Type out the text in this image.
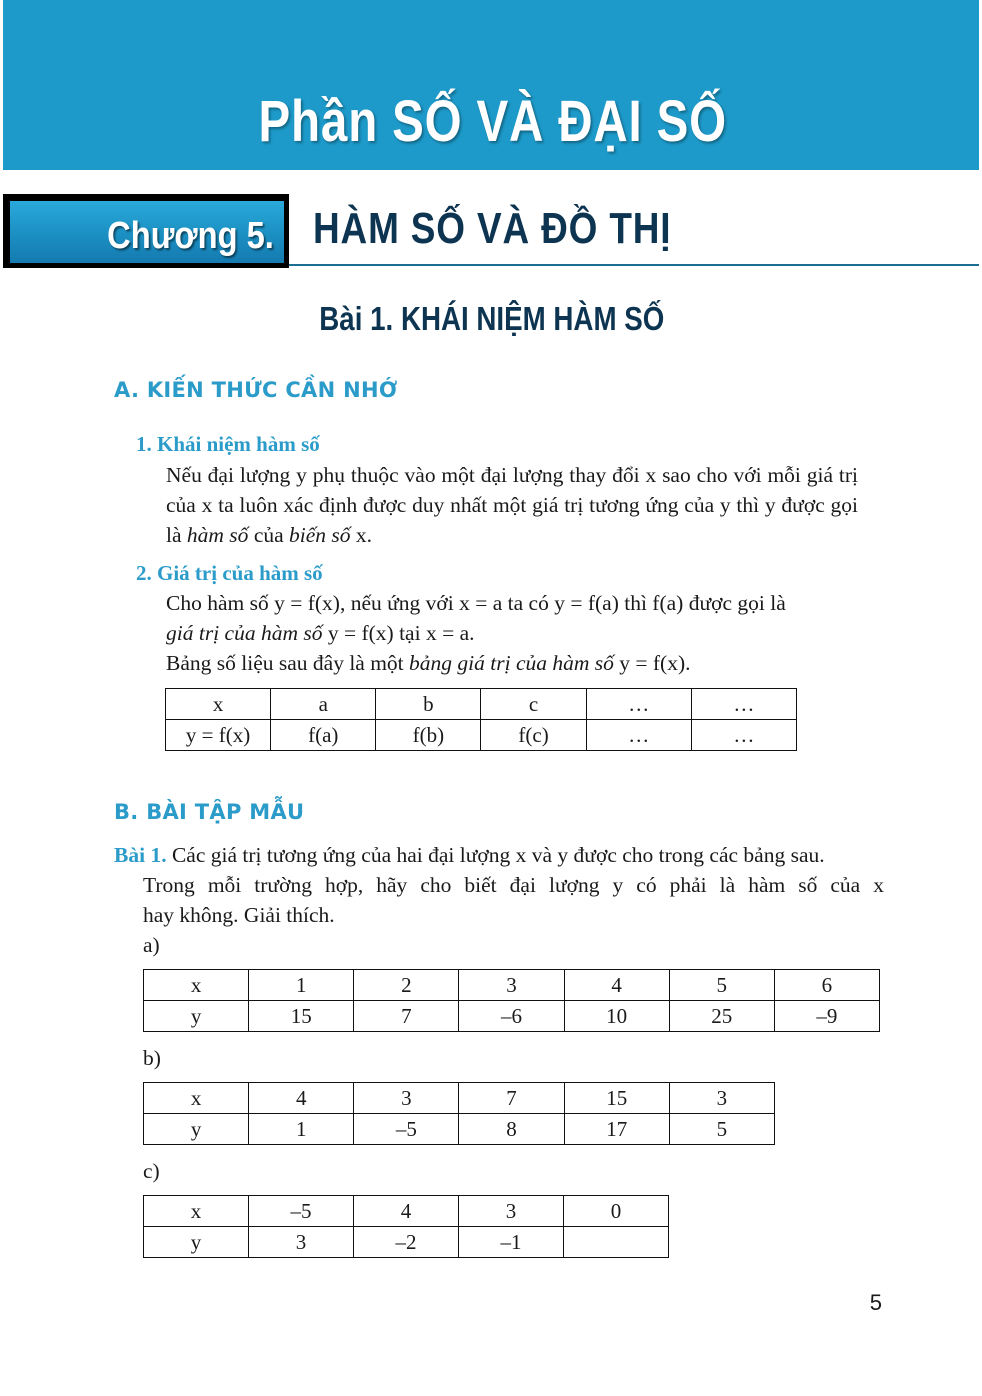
Phần SỐ VÀ ĐẠI SỐ
Chương 5. HÀM SỐ VÀ ĐỒ THỊ
Bài 1. KHÁI NIỆM HÀM SỐ
A. KIẾN THỨC CẦN NHỚ
1. Khái niệm hàm số
Nếu đại lượng y phụ thuộc vào một đại lượng thay đổi x sao cho với mỗi giá trị của x ta luôn xác định được duy nhất một giá trị tương ứng của y thì y được gọi là hàm số của biến số x.
2. Giá trị của hàm số

Cho hàm số y = f(x), nếu ứng với x = a ta có y = f(a) thì f(a) được gọi là

giá trị của hàm số y = f(x) tại x = a.

Bảng số liệu sau đây là một bảng giá trị của hàm số y = f(x).

x	a	b	c	…	…
y = f(x)	f(a)	f(b)	f(c)	…	…
B. BÀI TẬP MẪU

Bài 1. Các giá trị tương ứng của hai đại lượng x và y được cho trong các bảng sau.

Trong mỗi trường hợp, hãy cho biết đại lượng y có phải là hàm số của x

hay không. Giải thích.

a)
x	1	2	3	4	5	6
y	15	7	–6	10	25	–9
b)
x	4	3	7	15	3
y	1	–5	8	17	5
c)
x	–5	4	3	0
y	3	–2	–1	
5
